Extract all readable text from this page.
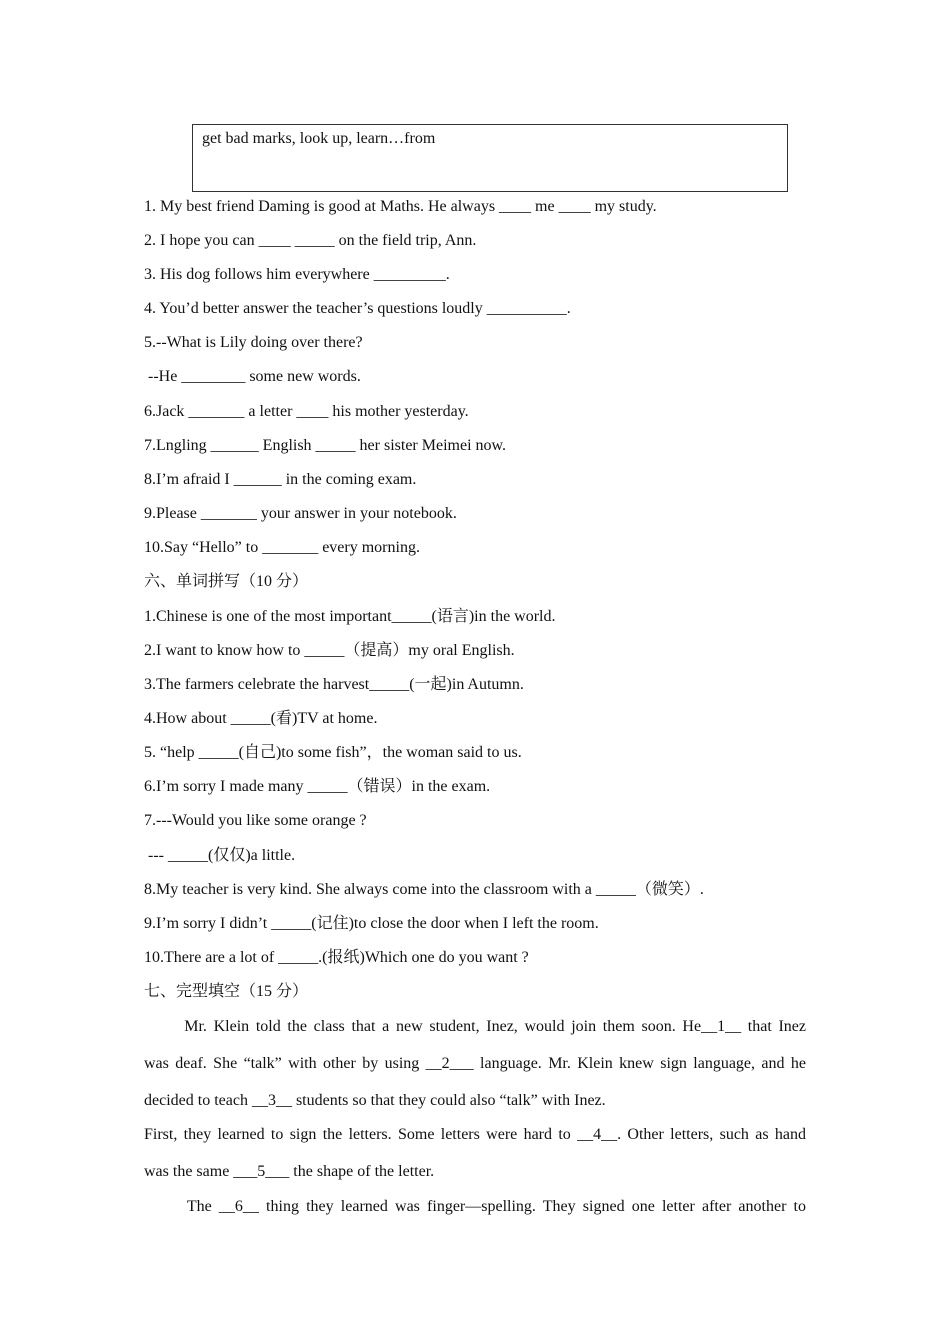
get bad marks, look up, learn…from
1. My best friend Daming is good at Maths. He always ____ me ____ my study.
2. I hope you can ____ _____ on the field trip, Ann.
3. His dog follows him everywhere _________.
4. You’d better answer the teacher’s questions loudly __________.
5.--What is Lily doing over there?
--He ________ some new words.
6.Jack _______ a letter ____ his mother yesterday.
7.Lngling ______ English _____ her sister Meimei now.
8.I’m afraid I ______ in the coming exam.
9.Please _______ your answer in your notebook.
10.Say “Hello” to _______ every morning.
六、单词拼写（10 分）
1.Chinese is one of the most important_____(语言)in the world.
2.I want to know how to _____（提高）my oral English.
3.The farmers celebrate the harvest_____(一起)in Autumn.
4.How about _____(看)TV at home.
5. “help _____(自己)to some fish”，the woman said to us.
6.I’m sorry I made many _____（错误）in the exam.
7.---Would you like some orange ?
--- _____(仅仅)a little.
8.My teacher is very kind. She always come into the classroom with a _____（微笑）.
9.I’m sorry I didn’t _____(记住)to close the door when I left the room.
10.There are a lot of _____.(报纸)Which one do you want ?
七、完型填空（15 分）
Mr. Klein told the class that a new student, Inez, would join them soon. He__1__ that Inez
was deaf. She “talk” with other by using __2___ language. Mr. Klein knew sign language, and he
decided to teach __3__ students so that they could also “talk” with Inez.
First, they learned to sign the letters. Some letters were hard to __4__. Other letters, such as hand
was the same ___5___ the shape of the letter.
The __6__ thing they learned was finger—spelling. They signed one letter after another to
